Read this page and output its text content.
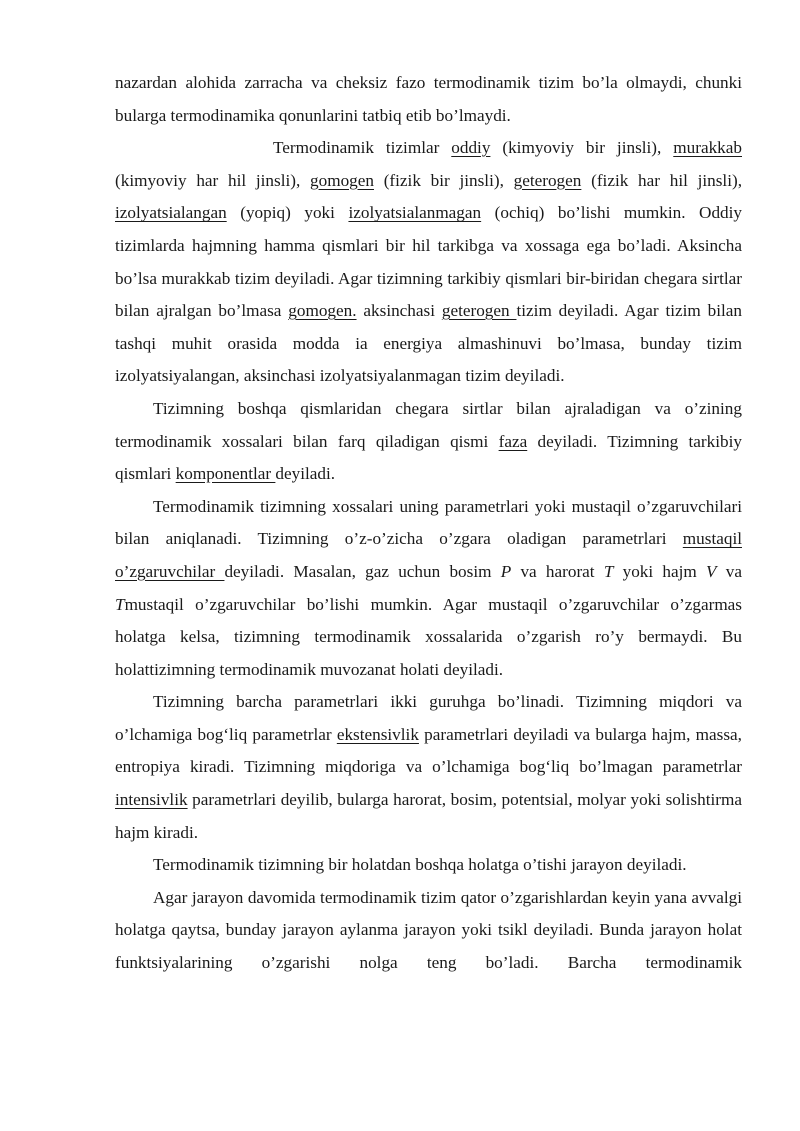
nazardan alohida zarracha va cheksiz fazo termodinamik tizim bo’la olmaydi, chunki bularga termodinamika qonunlarini tatbiq etib bo’lmaydi.

Termodinamik tizimlar oddiy (kimyoviy bir jinsli), murakkab (kimyoviy har hil jinsli), gomogen (fizik bir jinsli), geterogen (fizik har hil jinsli), izolyatsialangan (yopiq) yoki izolyatsialanmagan (ochiq) bo’lishi mumkin. Oddiy tizimlarda hajmning hamma qismlari bir hil tarkibga va xossaga ega bo’ladi. Aksincha bo’lsa murakkab tizim deyiladi. Agar tizimning tarkibiy qismlari bir-biridan chegara sirtlar bilan ajralgan bo’lmasa gomogen. aksinchasi geterogen tizim deyiladi. Agar tizim bilan tashqi muhit orasida modda ia energiya almashinuvi bo’lmasa, bunday tizim izolyatsiyalangan, aksinchasi izolyatsiyalanmagan tizim deyiladi.

Tizimning boshqa qismlaridan chegara sirtlar bilan ajraladigan va o’zining termodinamik xossalari bilan farq qiladigan qismi faza deyiladi. Tizimning tarkibiy qismlari komponentlar deyiladi.

Termodinamik tizimning xossalari uning parametrlari yoki mustaqil o’zgaruvchilari bilan aniqlanadi. Tizimning o’z-o’zicha o’zgara oladigan parametrlari mustaqil o’zgaruvchilar deyiladi. Masalan, gaz uchun bosim P va harorat T yoki hajm V va Tmustaqil o’zgaruvchilar bo’lishi mumkin. Agar mustaqil o’zgaruvchilar o’zgarmas holatga kelsa, tizimning termodinamik xossalarida o’zgarish ro’y bermaydi. Bu holattizimning termodinamik muvozanat holati deyiladi.

Tizimning barcha parametrlari ikki guruhga bo’linadi. Tizimning miqdori va o’lchamiga bog‘liq parametrlar ekstensivlik parametrlari deyiladi va bularga hajm, massa, entropiya kiradi. Tizimning miqdoriga va o’lchamiga bog‘liq bo’lmagan parametrlar intensivlik parametrlari deyilib, bularga harorat, bosim, potentsial, molyar yoki solishtirma hajm kiradi.

Termodinamik tizimning bir holatdan boshqa holatga o’tishi jarayon deyiladi.

Agar jarayon davomida termodinamik tizim qator o’zgarishlardan keyin yana avvalgi holatga qaytsa, bunday jarayon aylanma jarayon yoki tsikl deyiladi. Bunda jarayon holat funktsiyalarining o’zgarishi nolga teng bo’ladi. Barcha termodinamik
